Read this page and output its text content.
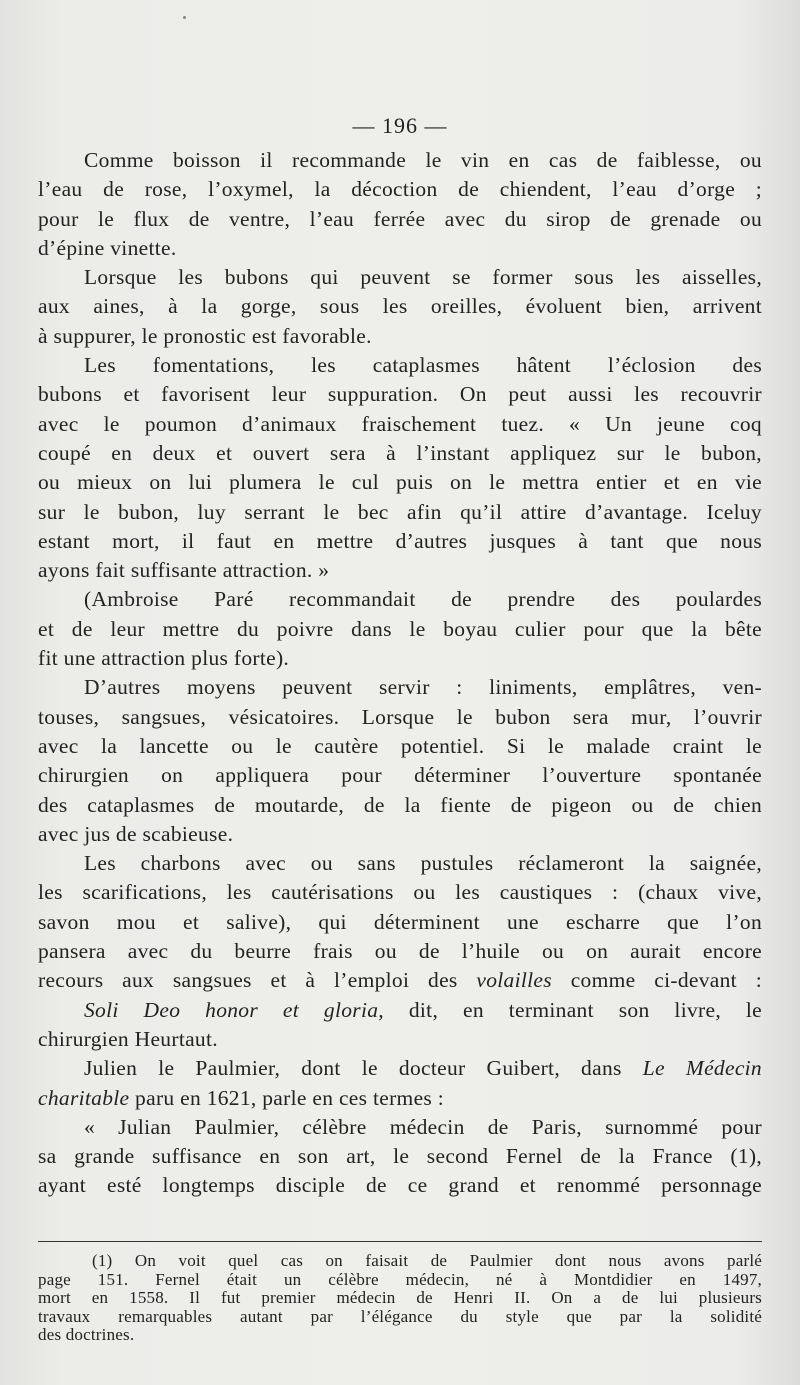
— 196 —
Comme boisson il recommande le vin en cas de faiblesse, ou
l’eau de rose, l’oxymel, la décoction de chiendent, l’eau d’orge ;
pour le flux de ventre, l’eau ferrée avec du sirop de grenade ou
d’épine vinette.
Lorsque les bubons qui peuvent se former sous les aisselles,
aux aines, à la gorge, sous les oreilles, évoluent bien, arrivent
à suppurer, le pronostic est favorable.
Les fomentations, les cataplasmes hâtent l’éclosion des
bubons et favorisent leur suppuration. On peut aussi les recouvrir
avec le poumon d’animaux fraischement tuez. « Un jeune coq
coupé en deux et ouvert sera à l’instant appliquez sur le bubon,
ou mieux on lui plumera le cul puis on le mettra entier et en vie
sur le bubon, luy serrant le bec afin qu’il attire d’avantage. Iceluy
estant mort, il faut en mettre d’autres jusques à tant que nous
ayons fait suffisante attraction. »
(Ambroise Paré recommandait de prendre des poulardes
et de leur mettre du poivre dans le boyau culier pour que la bête
fit une attraction plus forte).
D’autres moyens peuvent servir : liniments, emplâtres, ven-
touses, sangsues, vésicatoires. Lorsque le bubon sera mur, l’ouvrir
avec la lancette ou le cautère potentiel. Si le malade craint le
chirurgien on appliquera pour déterminer l’ouverture spontanée
des cataplasmes de moutarde, de la fiente de pigeon ou de chien
avec jus de scabieuse.
Les charbons avec ou sans pustules réclameront la saignée,
les scarifications, les cautérisations ou les caustiques : (chaux vive,
savon mou et salive), qui déterminent une escharre que l’on
pansera avec du beurre frais ou de l’huile ou on aurait encore
recours aux sangsues et à l’emploi des volailles comme ci-devant :
Soli Deo honor et gloria, dit, en terminant son livre, le
chirurgien Heurtaut.
Julien le Paulmier, dont le docteur Guibert, dans Le Médecin
charitable paru en 1621, parle en ces termes :
« Julian Paulmier, célèbre médecin de Paris, surnommé pour
sa grande suffisance en son art, le second Fernel de la France (1),
ayant esté longtemps disciple de ce grand et renommé personnage
(1) On voit quel cas on faisait de Paulmier dont nous avons parlé
page 151. Fernel était un célèbre médecin, né à Montdidier en 1497,
mort en 1558. Il fut premier médecin de Henri II. On a de lui plusieurs
travaux remarquables autant par l’élégance du style que par la solidité
des doctrines.
